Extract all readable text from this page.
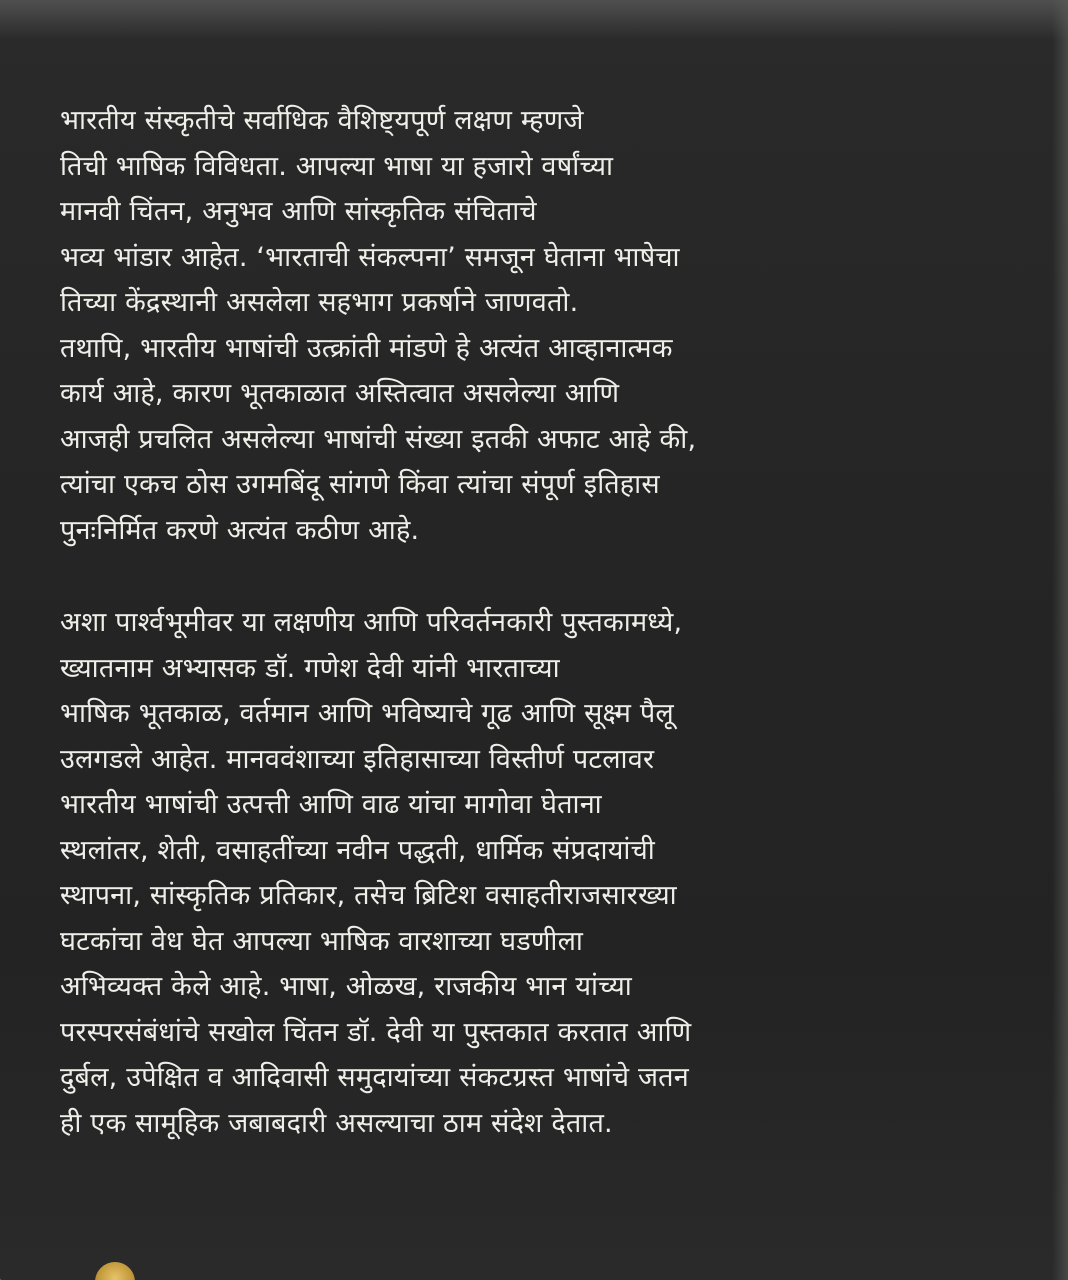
भारतीय संस्कृतीचे सर्वाधिक वैशिष्ट्यपूर्ण लक्षण म्हणजे
तिची भाषिक विविधता. आपल्या भाषा या हजारो वर्षांच्या
मानवी चिंतन, अनुभव आणि सांस्कृतिक संचिताचे
भव्य भांडार आहेत. ‘भारताची संकल्पना’ समजून घेताना भाषेचा
तिच्या केंद्रस्थानी असलेला सहभाग प्रकर्षाने जाणवतो.
तथापि, भारतीय भाषांची उत्क्रांती मांडणे हे अत्यंत आव्हानात्मक
कार्य आहे, कारण भूतकाळात अस्तित्वात असलेल्या आणि
आजही प्रचलित असलेल्या भाषांची संख्या इतकी अफाट आहे की,
त्यांचा एकच ठोस उगमबिंदू सांगणे किंवा त्यांचा संपूर्ण इतिहास
पुनःनिर्मित करणे अत्यंत कठीण आहे.

अशा पार्श्वभूमीवर या लक्षणीय आणि परिवर्तनकारी पुस्तकामध्ये,
ख्यातनाम अभ्यासक डॉ. गणेश देवी यांनी भारताच्या
भाषिक भूतकाळ, वर्तमान आणि भविष्याचे गूढ आणि सूक्ष्म पैलू
उलगडले आहेत. मानववंशाच्या इतिहासाच्या विस्तीर्ण पटलावर
भारतीय भाषांची उत्पत्ती आणि वाढ यांचा मागोवा घेताना
स्थलांतर, शेती, वसाहतींच्या नवीन पद्धती, धार्मिक संप्रदायांची
स्थापना, सांस्कृतिक प्रतिकार, तसेच ब्रिटिश वसाहतीराजसारख्या
घटकांचा वेध घेत आपल्या भाषिक वारशाच्या घडणीला
अभिव्यक्त केले आहे. भाषा, ओळख, राजकीय भान यांच्या
परस्परसंबंधांचे सखोल चिंतन डॉ. देवी या पुस्तकात करतात आणि
दुर्बल, उपेक्षित व आदिवासी समुदायांच्या संकटग्रस्त भाषांचे जतन
ही एक सामूहिक जबाबदारी असल्याचा ठाम संदेश देतात.
